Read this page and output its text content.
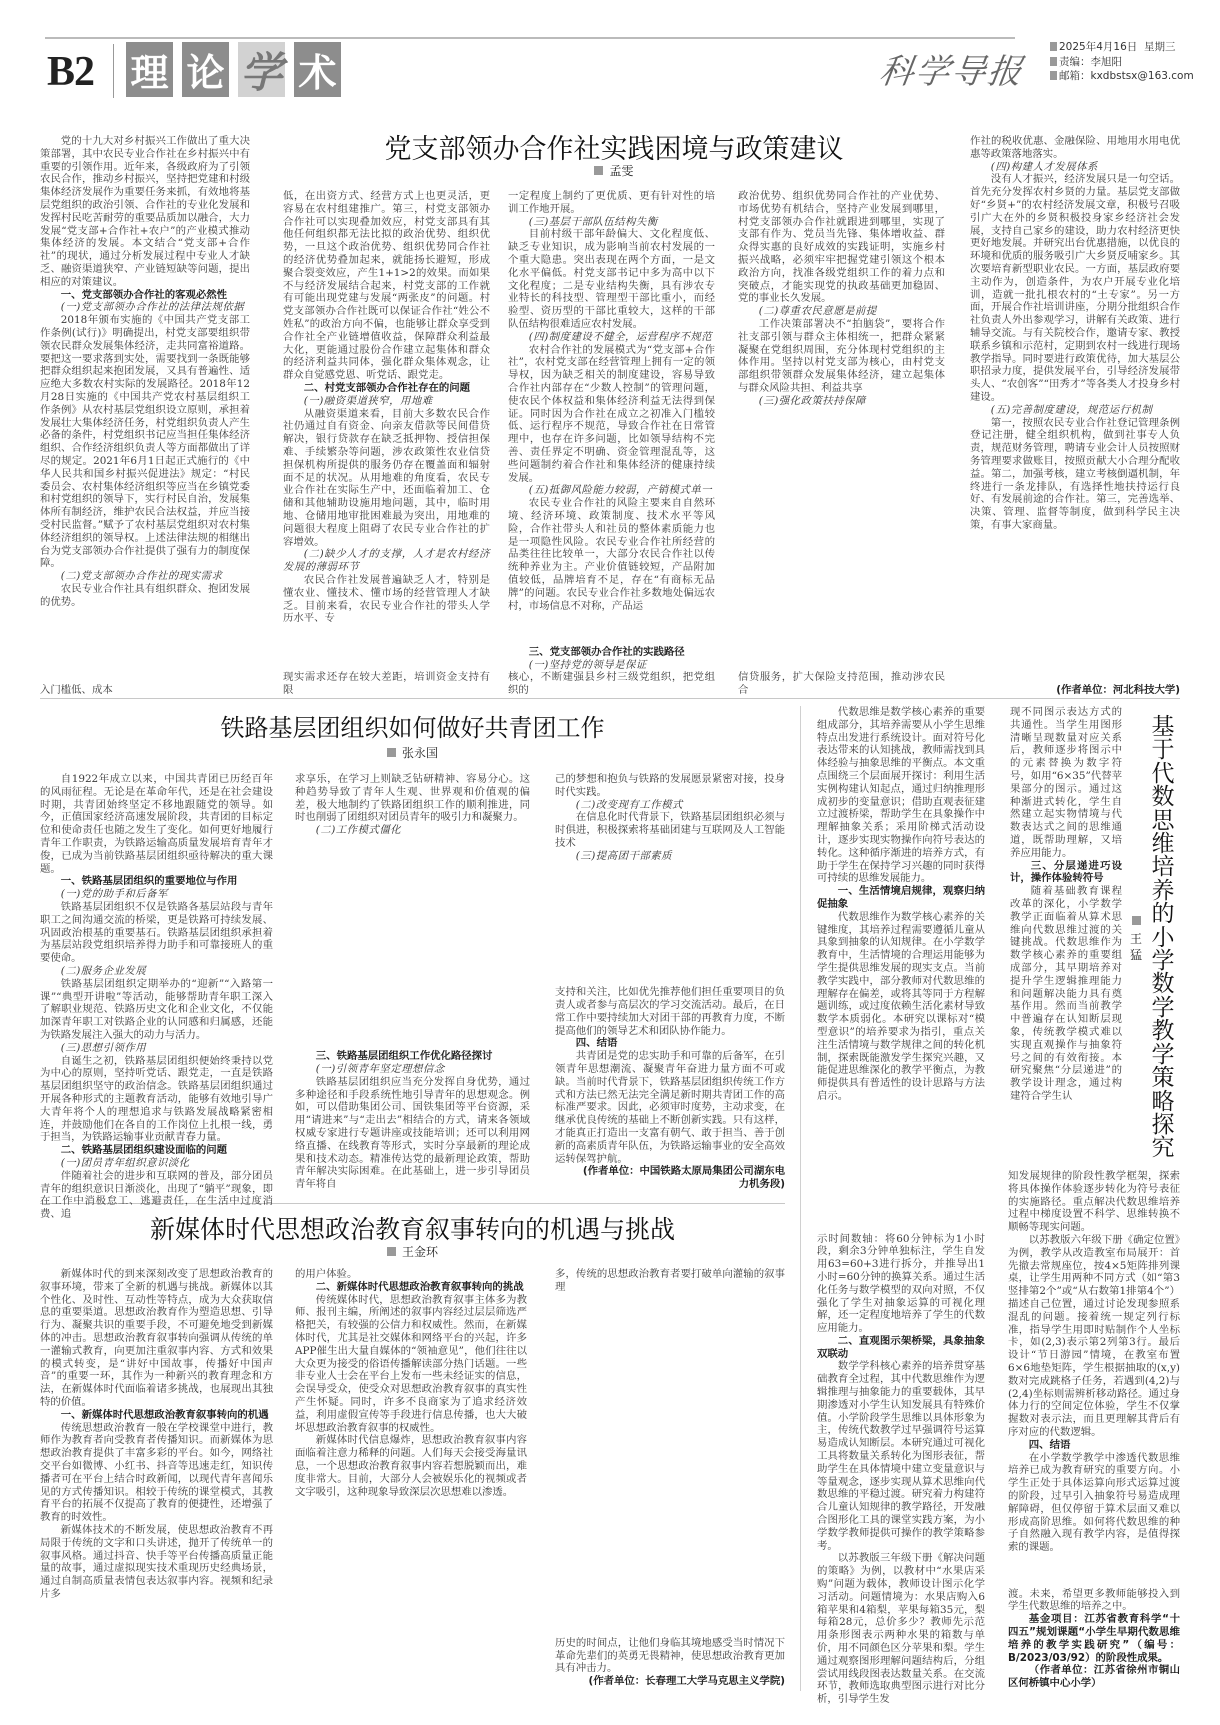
B2 理 论 学 术	科学导报
2025年4月16日 星期三
责编：李旭阳
邮箱：kxdbstsx@163.com
党支部领办合作社实践困境与政策建议
孟雯
铁路基层团组织如何做好共青团工作
张永国
新媒体时代思想政治教育叙事转向的机遇与挑战
王金环
基于代数思维培养的小学数学教学策略探究
王猛

党的十九大对乡村振兴工作做出了重大决策部署，其中农民专业合作社在乡村振兴中有重要的引领作用。近年来，各级政府为了引领农民合作，推动乡村振兴，坚持把党建和村级集体经济发展作为重要任务来抓，有效地将基层党组织的政治引领、合作社的专业化发展和发挥村民吃苦耐劳的重要品质加以融合，大力发展“党支部+合作社+农户”的产业模式推动集体经济的发展。本文结合“党支部+合作社”的现状，通过分析发展过程中专业人才缺乏、融资渠道狭窄、产业链短缺等问题，提出相应的对策建议。

一、党支部领办合作社的客观必然性

(一)党支部领办合作社的法律法规依据

2018年颁布实施的《中国共产党支部工作条例(试行)》明确提出，村党支部要组织带领农民群众发展集体经济，走共同富裕道路。要把这一要求落到实处，需要找到一条既能够把群众组织起来抱团发展，又具有普遍性、适应绝大多数农村实际的发展路径。2018年12月28日实施的《中国共产党农村基层组织工作条例》从农村基层党组织设立原则，承担着发展壮大集体经济任务，村党组织负责人产生必备的条件，村党组织书记应当担任集体经济组织、合作经济组织负责人等方面都做出了详尽的规定。2021年6月1日起正式施行的《中华人民共和国乡村振兴促进法》规定：“村民委员会、农村集体经济组织等应当在乡镇党委和村党组织的领导下，实行村民自治，发展集体所有制经济，维护农民合法权益，并应当接受村民监督。”赋予了农村基层党组织对农村集体经济组织的领导权。上述法律法规的相继出台为党支部领办合作社提供了强有力的制度保障。

(二)党支部领办合作社的现实需求

农民专业合作社具有组织群众、抱团发展的优势。

入门槛低、成本

低，在出资方式、经营方式上也更灵活，更容易在农村组建推广。第三，村党支部领办合作社可以实现叠加效应，村党支部具有其他任何组织都无法比拟的政治优势、组织优势，一旦这个政治优势、组织优势同合作社的经济优势叠加起来，就能扬长避短，形成聚合裂变效应，产生1+1>2的效果。而如果不与经济发展结合起来，村党支部的工作就有可能出现党建与发展“两张皮”的问题。村党支部领办合作社既可以保证合作社“姓公不姓私”的政治方向不偏，也能够让群众享受到合作社全产业链增值收益，保障群众利益最大化，更能通过股份合作建立起集体和群众的经济利益共同体，强化群众集体观念，让群众自觉感党恩、听党话、跟党走。

二、村党支部领办合作社存在的问题

(一)融资渠道狭窄，用地难

从融资渠道来看，目前大多数农民合作社仍通过自有资金、向亲友借款等民间借贷解决，银行贷款存在缺乏抵押物、授信担保难、手续繁杂等问题，涉农政策性农业信贷担保机构所提供的服务仍存在覆盖面和辐射面不足的状况。从用地难的角度看，农民专业合作社在实际生产中，还面临着加工、仓储和其他辅助设施用地问题，其中，临时用地、仓储用地审批困难最为突出，用地难的问题很大程度上阻碍了农民专业合作社的扩容增效。

(二)缺少人才的支撑，人才是农村经济发展的薄弱环节

农民合作社发展普遍缺乏人才，特别是懂农业、懂技术、懂市场的经营管理人才缺乏。目前来看，农民专业合作社的带头人学历水平、专

现实需求还存在较大差距，培训资金支持有限

一定程度上制约了更优质、更有针对性的培训工作地开展。

(三)基层干部队伍结构失衡

目前村级干部年龄偏大、文化程度低、缺乏专业知识，成为影响当前农村发展的一个重大隐患。突出表现在两个方面，一是文化水平偏低。村党支部书记中多为高中以下文化程度；二是专业结构失衡，具有涉农专业特长的科技型、管理型干部比重小，而经验型、资历型的干部比重较大，这样的干部队伍结构很难适应农村发展。

(四)制度建设不健全，运营程序不规范

农村合作社的发展模式为“党支部+合作社”，农村党支部在经营管理上拥有一定的领导权，因为缺乏相关的制度建设，容易导致合作社内部存在“少数人控制”的管理问题，使农民个体权益和集体经济利益无法得到保证。同时因为合作社在成立之初准入门槛较低、运行程序不规范，导致合作社在日常管理中，也存在许多问题，比如领导结构不完善、责任界定不明确、资金管理混乱等，这些问题制约着合作社和集体经济的健康持续发展。

(五)抵御风险能力较弱，产销模式单一

农民专业合作社的风险主要来自自然环境、经济环境、政策制度、技术水平等风险，合作社带头人和社员的整体素质能力也是一项隐性风险。农民专业合作社所经营的品类往往比较单一，大部分农民合作社以传统种养业为主。产业价值链较短，产品附加值较低，品牌培育不足，存在“有商标无品牌”的问题。农民专业合作社多数地处偏远农村，市场信息不对称，产品运

三、党支部领办合作社的实践路径

(一)坚持党的领导是保证

核心，不断建强县乡村三级党组织，把党组织的

政治优势、组织优势同合作社的产业优势、市场优势有机结合，坚持产业发展到哪里，村党支部领办合作社就跟进到哪里，实现了支部有作为、党员当先锋、集体增收益、群众得实惠的良好成效的实践证明，实施乡村振兴战略，必须牢牢把握党建引领这个根本政治方向，找准各级党组织工作的着力点和突破点，才能实现党的执政基础更加稳固、党的事业长久发展。

(二)尊重农民意愿是前提

工作决策部署决不“拍脑袋”，要将合作社支部引领与群众主体相统一，把群众紧紧凝聚在党组织周围，充分体现村党组织的主体作用。坚持以村党支部为核心，由村党支部组织带领群众发展集体经济，建立起集体与群众风险共担、利益共享

(三)强化政策扶持保障

信贷服务，扩大保险支持范围，推动涉农民合

作社的税收优惠、金融保险、用地用水用电优惠等政策落地落实。

(四)构建人才发展体系

没有人才振兴，经济发展只是一句空话。首先充分发挥农村乡贤的力量。基层党支部做好“乡贤+”的农村经济发展文章，积极号召吸引广大在外的乡贤积极投身家乡经济社会发展，支持自己家乡的建设，助力农村经济更快更好地发展。并研究出台优惠措施，以优良的环境和优质的服务吸引广大乡贤反哺家乡。其次要培育新型职业农民。一方面，基层政府要主动作为，创造条件，为农户开展专业化培训，造就一批扎根农村的“土专家”。另一方面，开展合作社培训讲座，分期分批组织合作社负责人外出参观学习，讲解有关政策、进行辅导交流。与有关院校合作，邀请专家、教授联系乡镇和示范村，定期到农村一线进行现场教学指导。同时要进行政策优待，加大基层公职招录力度，提供发展平台，引导经济发展带头人、“农创客”“田秀才”等各类人才投身乡村建设。

(五)完善制度建设，规范运行机制

第一，按照农民专业合作社登记管理条例登记注册，健全组织机构，做到社事专人负责，规范财务管理，聘请专业会计人员按照财务管理要求做账目，按照贡献大小合理分配收益。第二，加强考核，建立考核倒逼机制，年终进行一条龙排队，有选择性地扶持运行良好、有发展前途的合作社。第三，完善选举、决策、管理、监督等制度，做到科学民主决策，有事大家商量。

(作者单位：河北科技大学)

自1922年成立以来，中国共青团已历经百年的风雨征程。无论是在革命年代，还是在社会建设时期，共青团始终坚定不移地跟随党的领导。如今，正值国家经济高速发展阶段，共青团的目标定位和使命责任也随之发生了变化。如何更好地履行青年工作职责，为铁路运输高质量发展培育青年才俊，已成为当前铁路基层团组织亟待解决的重大课题。

一、铁路基层团组织的重要地位与作用

(一)党的助手和后备军

铁路基层团组织不仅是铁路各基层站段与青年职工之间沟通交流的桥梁，更是铁路可持续发展、巩固政治根基的重要基石。铁路基层团组织承担着为基层站段党组织培养得力助手和可靠接班人的重要使命。

(二)服务企业发展

铁路基层团组织定期举办的“迎新”“入路第一课”“典型开讲啦”等活动，能够帮助青年职工深入了解职业规范、铁路历史文化和企业文化，不仅能加深青年职工对铁路企业的认同感和归属感，还能为铁路发展注入强大的动力与活力。

(三)思想引领作用

自诞生之初，铁路基层团组织便始终秉持以党为中心的原则，坚持听党话、跟党走，一直是铁路基层团组织坚守的政治信念。铁路基层团组织通过开展各种形式的主题教育活动，能够有效地引导广大青年将个人的理想追求与铁路发展战略紧密相连，并鼓励他们在各自的工作岗位上扎根一线，勇于担当，为铁路运输事业贡献青春力量。

二、铁路基层团组织建设面临的问题

(一)团员青年组织意识淡化

伴随着社会的进步和互联网的普及，部分团员青年的组织意识日渐淡化，出现了“躺平”现象，即在工作中消极怠工、逃避责任，在生活中过度消费、追

求享乐，在学习上则缺乏钻研精神、容易分心。这种趋势导致了青年人生观、世界观和价值观的偏差，极大地制约了铁路团组织工作的顺利推进，同时也削弱了团组织对团员青年的吸引力和凝聚力。

(二)工作模式僵化

三、铁路基层团组织工作优化路径探讨

(一)引领青年坚定理想信念

铁路基层团组织应当充分发挥自身优势，通过多种途径和手段系统性地引导青年的思想观念。例如，可以借助集团公司、国铁集团等平台资源，采用“请进来”与“走出去”相结合的方式，请来各领域权威专家进行专题讲座或技能培训；还可以利用网络直播、在线教育等形式，实时分享最新的理论成果和技术动态。精准传达党的最新理论政策，帮助青年解决实际困难。在此基础上，进一步引导团员青年将自

己的梦想和抱负与铁路的发展愿景紧密对接，投身时代实践。

(二)改变现有工作模式

在信息化时代背景下，铁路基层团组织必须与时俱进，积极探索将基础团建与互联网及人工智能技术

(三)提高团干部素质

支持和关注，比如优先推荐他们担任重要项目的负责人或者参与高层次的学习交流活动。最后，在日常工作中要持续加大对团干部的再教育力度，不断提高他们的领导艺术和团队协作能力。

四、结语

共青团是党的忠实助手和可靠的后备军，在引领青年思想潮流、凝聚青年奋进力量方面不可或缺。当前时代背景下，铁路基层团组织传统工作方式和方法已然无法完全满足新时期共青团工作的高标准严要求。因此，必须审时度势，主动求变，在继承优良传统的基础上不断创新实践。只有这样，才能真正打造出一支富有朝气、敢于担当、善于创新的高素质青年队伍，为铁路运输事业的安全高效运转保驾护航。

(作者单位：中国铁路太原局集团公司湖东电力机务段)

新媒体时代的到来深刻改变了思想政治教育的叙事环境，带来了全新的机遇与挑战。新媒体以其个性化、及时性、互动性等特点，成为大众获取信息的重要渠道。思想政治教育作为塑造思想、引导行为、凝聚共识的重要手段，不可避免地受到新媒体的冲击。思想政治教育叙事转向强调从传统的单一灌输式教育，向更加注重叙事内容、方式和效果的模式转变，是“讲好中国故事，传播好中国声音”的重要一环，其作为一种新兴的教育理念和方法，在新媒体时代面临着诸多挑战，也展现出其独特的价值。

一、新媒体时代思想政治教育叙事转向的机遇

传统思想政治教育一般在学校课堂中进行，教师作为教育者向受教育者传播知识。而新媒体为思想政治教育提供了丰富多彩的平台。如今，网络社交平台如微博、小红书、抖音等迅速走红，知识传播者可在平台上结合时政新闻，以现代青年喜闻乐见的方式传播知识。相较于传统的课堂模式，其教育平台的拓展不仅提高了教育的便捷性，还增强了教育的时效性。

新媒体技术的不断发展，使思想政治教育不再局限于传统的文字和口头讲述，抛开了传统单一的叙事风格。通过抖音、快手等平台传播高质量正能量的故事，通过虚拟现实技术重现历史经典场景，通过自制高质量表情包表达叙事内容。视频和纪录片多

的用户体验。

二、新媒体时代思想政治教育叙事转向的挑战

传统媒体时代，思想政治教育叙事主体多为教师、报刊主编，所阐述的叙事内容经过层层筛选严格把关，有较强的公信力和权威性。然而，在新媒体时代，尤其是社交媒体和网络平台的兴起，许多APP催生出大量自媒体的“领袖意见”，他们往往以大众更为接受的俗语传播解读部分热门话题。一些非专业人士会在平台上发布一些未经证实的信息，会误导受众，使受众对思想政治教育叙事的真实性产生怀疑。同时，许多不良商家为了追求经济效益，利用虚假宣传等手段进行信息传播，也大大破坏思想政治教育叙事的权威性。

新媒体时代信息爆炸，思想政治教育叙事内容面临着注意力稀释的问题。人们每天会接受海量讯息，一个思想政治教育叙事内容若想脱颖而出，难度非常大。目前，大部分人会被娱乐化的视频或者文字吸引，这种现象导致深层次思想难以渗透。

多，传统的思想政治教育者要打破单向灌输的叙事理

历史的时间点，让他们身临其境地感受当时情况下革命先辈们的英勇无畏精神，使思想政治教育更加具有冲击力。

(作者单位：长春理工大学马克思主义学院)

代数思维是数学核心素养的重要组成部分，其培养需要从小学生思维特点出发进行系统设计。面对符号化表达带来的认知挑战，教师需找到具体经验与抽象思维的平衡点。本文重点围绕三个层面展开探讨：利用生活实例构建认知起点，通过归纳推理形成初步的变量意识；借助直观表征建立过渡桥梁，帮助学生在具象操作中理解抽象关系；采用阶梯式活动设计，逐步实现实物操作向符号表达的转化。这种循序渐进的培养方式，有助于学生在保持学习兴趣的同时获得可持续的思维发展能力。

一、生活情境启规律，观察归纳促抽象

代数思维作为数学核心素养的关键维度，其培养过程需要遵循儿童从具象到抽象的认知规律。在小学数学教育中，生活情境的合理运用能够为学生提供思维发展的现实支点。当前教学实践中，部分教师对代数思维的理解存在偏差，或将其等同于方程解题训练，或过度依赖生活化素材导致数学本质弱化。本研究以课标对“模型意识”的培养要求为指引，重点关注生活情境与数学规律之间的转化机制，探索既能激发学生探究兴趣，又能促进思维深化的教学平衡点，为教师提供具有普适性的设计思路与方法启示。

示时间数轴：将60分钟标为1小时段，剩余3分钟单独标注，学生自发用63=60+3进行拆分，并推导出1小时=60分钟的换算关系。通过生活化任务与数学模型的双向对照，不仅强化了学生对抽象运算的可视化理解，还一定程度地培养了学生的代数应用能力。

二、直观图示架桥梁，具象抽象双联动

数学学科核心素养的培养贯穿基础教育全过程，其中代数思维作为逻辑推理与抽象能力的重要载体，其早期渗透对小学生认知发展具有特殊价值。小学阶段学生思维以具体形象为主，传统代数教学过早强调符号运算易造成认知断层。本研究通过可视化工具将数量关系转化为图形表征，帮助学生在具体情境中建立变量意识与等量观念，逐步实现从算术思维向代数思维的平稳过渡。研究着力构建符合儿童认知规律的教学路径，开发融合图形化工具的课堂实践方案，为小学数学教师提供可操作的教学策略参考。

以苏教版三年级下册《解决问题的策略》为例，以教材中“水果店采购”问题为载体，教师设计图示化学习活动。问题情境为：水果店购入6箱苹果和4箱梨，苹果每箱35元，梨每箱28元，总价多少？教师先示范用条形图表示两种水果的箱数与单价，用不同颜色区分苹果和梨。学生通过观察图形理解问题结构后，分组尝试用线段图表达数量关系。在交流环节，教师选取典型图示进行对比分析，引导学生发

现不同图示表达方式的共通性。当学生用图形清晰呈现数量对应关系后，教师逐步将图示中的元素替换为数字符号，如用“6×35”代替苹果部分的图示。通过这种渐进式转化，学生自然建立起实物情境与代数表达式之间的思维通道，既帮助理解，又培养应用能力。

三、分层递进巧设计，操作体验转符号

随着基础教育课程改革的深化，小学数学教学正面临着从算术思维向代数思维过渡的关键挑战。代数思维作为数学核心素养的重要组成部分，其早期培养对提升学生逻辑推理能力和问题解决能力具有奠基作用。然而当前教学中普遍存在认知断层现象，传统教学模式难以实现直观操作与抽象符号之间的有效衔接。本研究聚焦“分层递进”的教学设计理念，通过构建符合学生认

知发展规律的阶段性教学框架，探索将具体操作体验逐步转化为符号表征的实施路径。重点解决代数思维培养过程中梯度设置不科学、思维转换不顺畅等现实问题。

以苏教版六年级下册《确定位置》为例，教学从改造教室布局展开：首先撤去常规座位，按4×5矩阵排列课桌，让学生用两种不同方式（如“第3竖排第2个”或“从右数第1排第4个”）描述自己位置，通过讨论发现参照系混乱的问题。接着统一规定列行标准，指导学生用即时贴制作个人坐标卡，如(2,3)表示第2列第3行。最后设计“节日游园”情境，在教室布置6×6地垫矩阵，学生根据抽取的(x,y)数对完成跳格子任务，若遇到(4,2)与(2,4)坐标则需辨析移动路径。通过身体力行的空间定位体验，学生不仅掌握数对表示法，而且更理解其背后有序对应的代数逻辑。

四、结语

在小学数学教学中渗透代数思维培养已成为教育研究的重要方向。小学生正处于具体运算向形式运算过渡的阶段，过早引入抽象符号易造成理解障碍，但仅停留于算术层面又难以形成高阶思维。如何将代数思维的种子自然融入现有教学内容，是值得探索的课题。

渡。未来，希望更多教师能够投入到学生代数思维的培养之中。

基金项目：江苏省教育科学“十四五”规划课题“小学生早期代数思维培养的教学实践研究”（编号：B/2023/03/92）的阶段性成果。

（作者单位：江苏省徐州市铜山区何桥镇中心小学）
